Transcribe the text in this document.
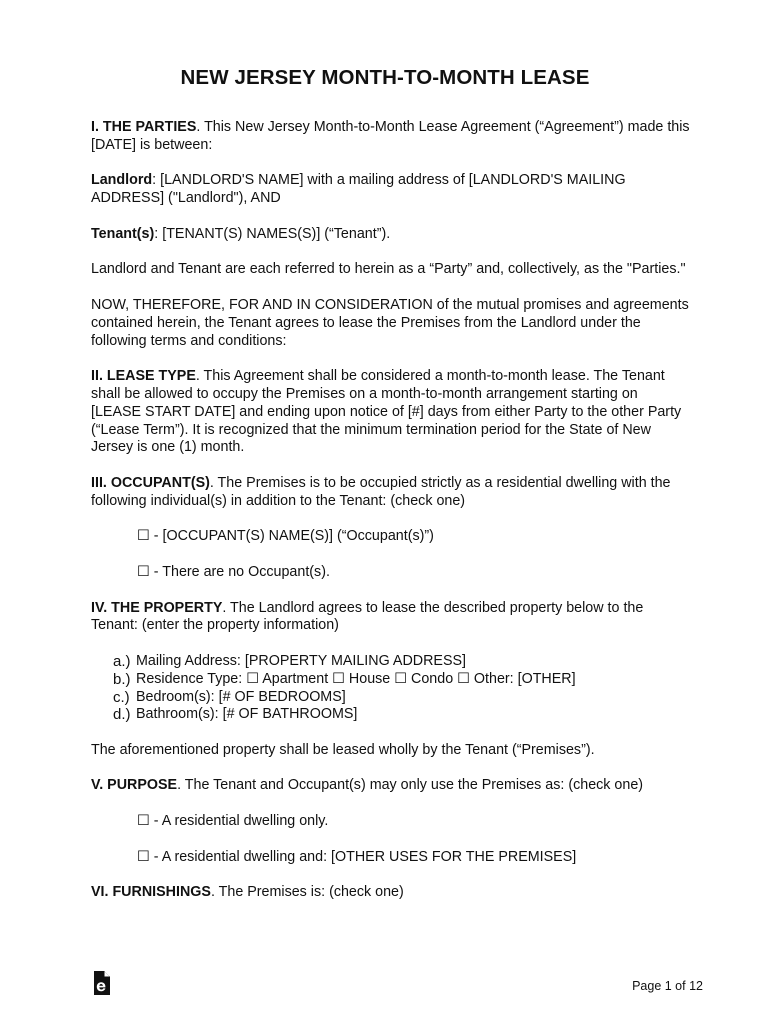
NEW JERSEY MONTH-TO-MONTH LEASE

I. THE PARTIES. This New Jersey Month-to-Month Lease Agreement (“Agreement”) made this [DATE] is between:

Landlord: [LANDLORD'S NAME] with a mailing address of [LANDLORD'S MAILING ADDRESS] ("Landlord"), AND

Tenant(s): [TENANT(S) NAMES(S)] (“Tenant”).

Landlord and Tenant are each referred to herein as a “Party” and, collectively, as the "Parties."

NOW, THEREFORE, FOR AND IN CONSIDERATION of the mutual promises and agreements contained herein, the Tenant agrees to lease the Premises from the Landlord under the following terms and conditions:

II. LEASE TYPE. This Agreement shall be considered a month-to-month lease. The Tenant shall be allowed to occupy the Premises on a month-to-month arrangement starting on [LEASE START DATE] and ending upon notice of [#] days from either Party to the other Party (“Lease Term”). It is recognized that the minimum termination period for the State of New Jersey is one (1) month.

III. OCCUPANT(S). The Premises is to be occupied strictly as a residential dwelling with the following individual(s) in addition to the Tenant: (check one)

☐ - [OCCUPANT(S) NAME(S)] (“Occupant(s)”)

☐ - There are no Occupant(s).

IV. THE PROPERTY. The Landlord agrees to lease the described property below to the Tenant: (enter the property information)

a.) Mailing Address: [PROPERTY MAILING ADDRESS]
b.) Residence Type: ☐ Apartment ☐ House ☐ Condo ☐ Other: [OTHER]
c.) Bedroom(s): [# OF BEDROOMS]
d.) Bathroom(s): [# OF BATHROOMS]

The aforementioned property shall be leased wholly by the Tenant (“Premises”).

V. PURPOSE. The Tenant and Occupant(s) may only use the Premises as: (check one)

☐ - A residential dwelling only.

☐ - A residential dwelling and: [OTHER USES FOR THE PREMISES]

VI. FURNISHINGS. The Premises is: (check one)

Page 1 of 12
